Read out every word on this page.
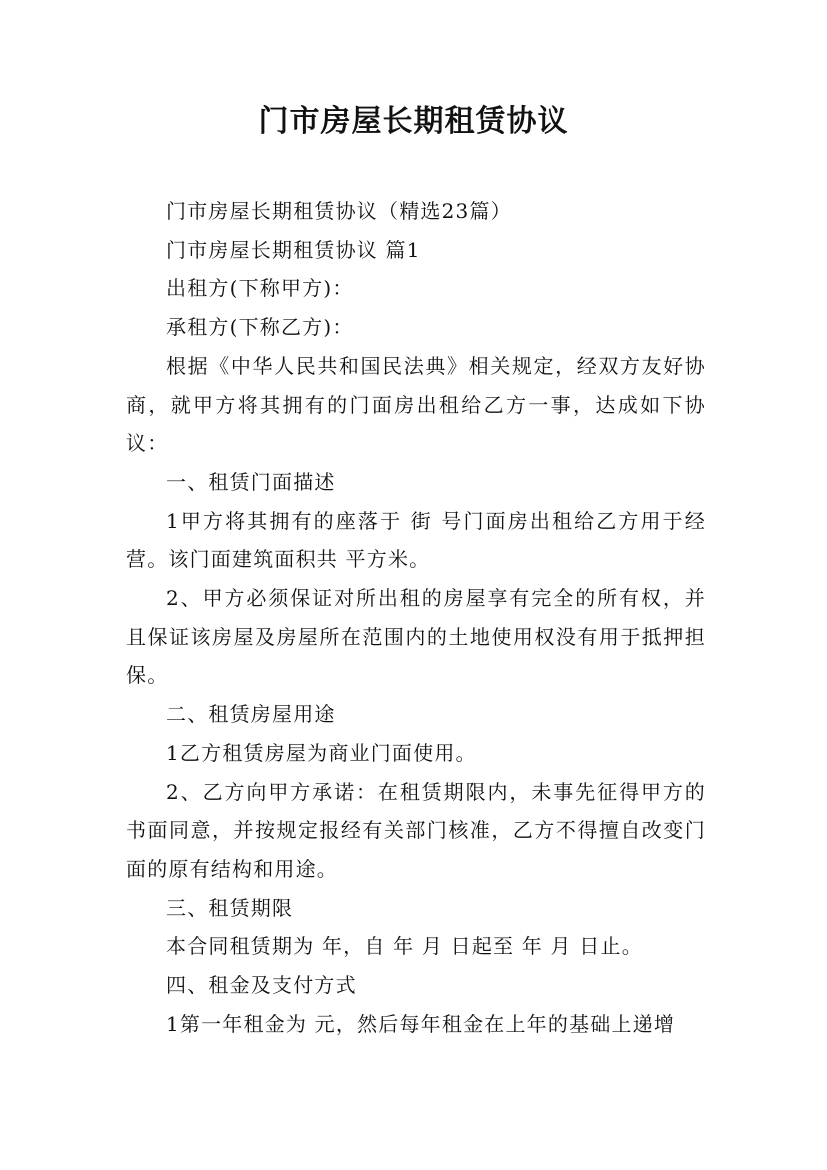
门市房屋长期租赁协议

门市房屋长期租赁协议（精选23篇）

门市房屋长期租赁协议 篇1

出租方(下称甲方)：

承租方(下称乙方)：

根据《中华人民共和国民法典》相关规定，经双方友好协商，就甲方将其拥有的门面房出租给乙方一事，达成如下协议：

一、租赁门面描述

1甲方将其拥有的座落于 街 号门面房出租给乙方用于经营。该门面建筑面积共 平方米。

2、甲方必须保证对所出租的房屋享有完全的所有权，并且保证该房屋及房屋所在范围内的土地使用权没有用于抵押担保。

二、租赁房屋用途

1乙方租赁房屋为商业门面使用。

2、乙方向甲方承诺：在租赁期限内，未事先征得甲方的书面同意，并按规定报经有关部门核准，乙方不得擅自改变门面的原有结构和用途。

三、租赁期限

本合同租赁期为 年，自 年 月 日起至 年 月 日止。

四、租金及支付方式

1第一年租金为 元，然后每年租金在上年的基础上递增
